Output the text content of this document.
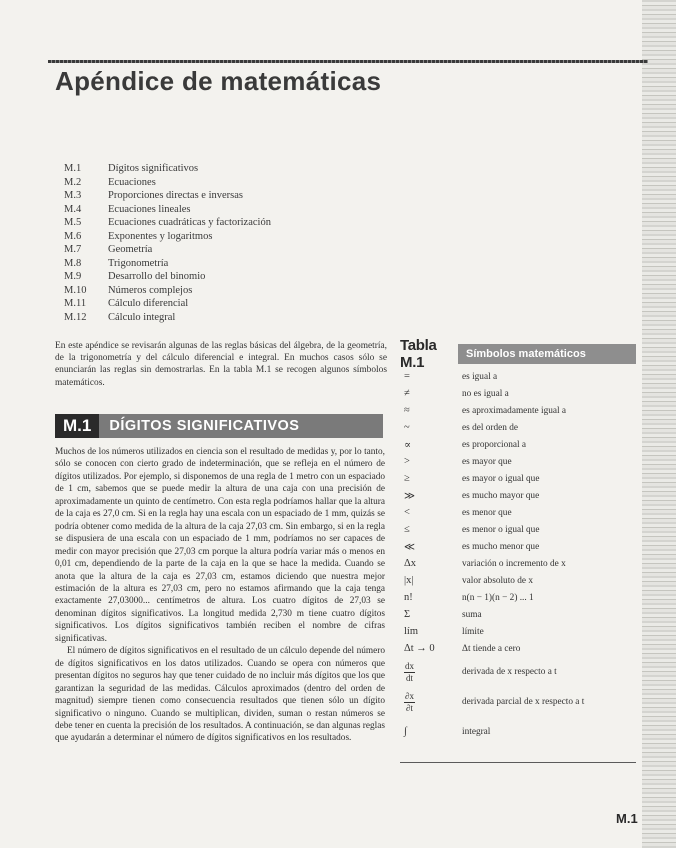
Apéndice de matemáticas
M.1	Dígitos significativos
M.2	Ecuaciones
M.3	Proporciones directas e inversas
M.4	Ecuaciones lineales
M.5	Ecuaciones cuadráticas y factorización
M.6	Exponentes y logaritmos
M.7	Geometría
M.8	Trigonometría
M.9	Desarrollo del binomio
M.10	Números complejos
M.11	Cálculo diferencial
M.12	Cálculo integral

En este apéndice se revisarán algunas de las reglas básicas del álgebra, de la geometría, de la trigonometría y del cálculo diferencial e integral. En muchos casos sólo se enunciarán las reglas sin demostrarlas. En la tabla M.1 se recogen algunos símbolos matemáticos.

M.1	DÍGITOS SIGNIFICATIVOS

Muchos de los números utilizados en ciencia son el resultado de medidas y, por lo tanto, sólo se conocen con cierto grado de indeterminación, que se refleja en el número de dígitos utilizados. Por ejemplo, si disponemos de una regla de 1 metro con un espaciado de 1 cm, sabemos que se puede medir la altura de una caja con una precisión de aproximadamente un quinto de centímetro. Con esta regla podríamos hallar que la altura de la caja es 27,0 cm. Si en la regla hay una escala con un espaciado de 1 mm, quizás se podría obtener como medida de la altura de la caja 27,03 cm. Sin embargo, si en la regla se dispusiera de una escala con un espaciado de 1 mm, podríamos no ser capaces de medir con mayor precisión que 27,03 cm porque la altura podría variar más o menos en 0,01 cm, dependiendo de la parte de la caja en la que se hace la medida. Cuando se anota que la altura de la caja es 27,03 cm, estamos diciendo que nuestra mejor estimación de la altura es 27,03 cm, pero no estamos afirmando que la caja tenga exactamente 27,03000... centímetros de altura. Los cuatro dígitos de 27,03 se denominan dígitos significativos. La longitud medida 2,730 m tiene cuatro dígitos significativos. Los dígitos significativos también reciben el nombre de cifras significativas.

El número de dígitos significativos en el resultado de un cálculo depende del número de dígitos significativos en los datos utilizados. Cuando se opera con números que presentan dígitos no seguros hay que tener cuidado de no incluir más dígitos que los que garantizan la seguridad de las medidas. Cálculos aproximados (dentro del orden de magnitud) siempre tienen como consecuencia resultados que tienen sólo un dígito significativo o ninguno. Cuando se multiplican, dividen, suman o restan números se debe tener en cuenta la precisión de los resultados. A continuación, se dan algunas reglas que ayudarán a determinar el número de dígitos significativos en los resultados.

Tabla M.1	Símbolos matemáticos
=	es igual a
≠	no es igual a
≈	es aproximadamente igual a
~	es del orden de
∝	es proporcional a
>	es mayor que
≥	es mayor o igual que
≫	es mucho mayor que
<	es menor que
≤	es menor o igual que
≪	es mucho menor que
Δx	variación o incremento de x
|x|	valor absoluto de x
n!	n(n − 1)(n − 2) ... 1
Σ	suma
lím	límite
Δt → 0	Δt tiende a cero

$\frac{dx}{dt}$	derivada de x respecto a t

$\frac{\partial x}{\partial t}$	derivada parcial de x respecto a t
∫	integral
M.1
